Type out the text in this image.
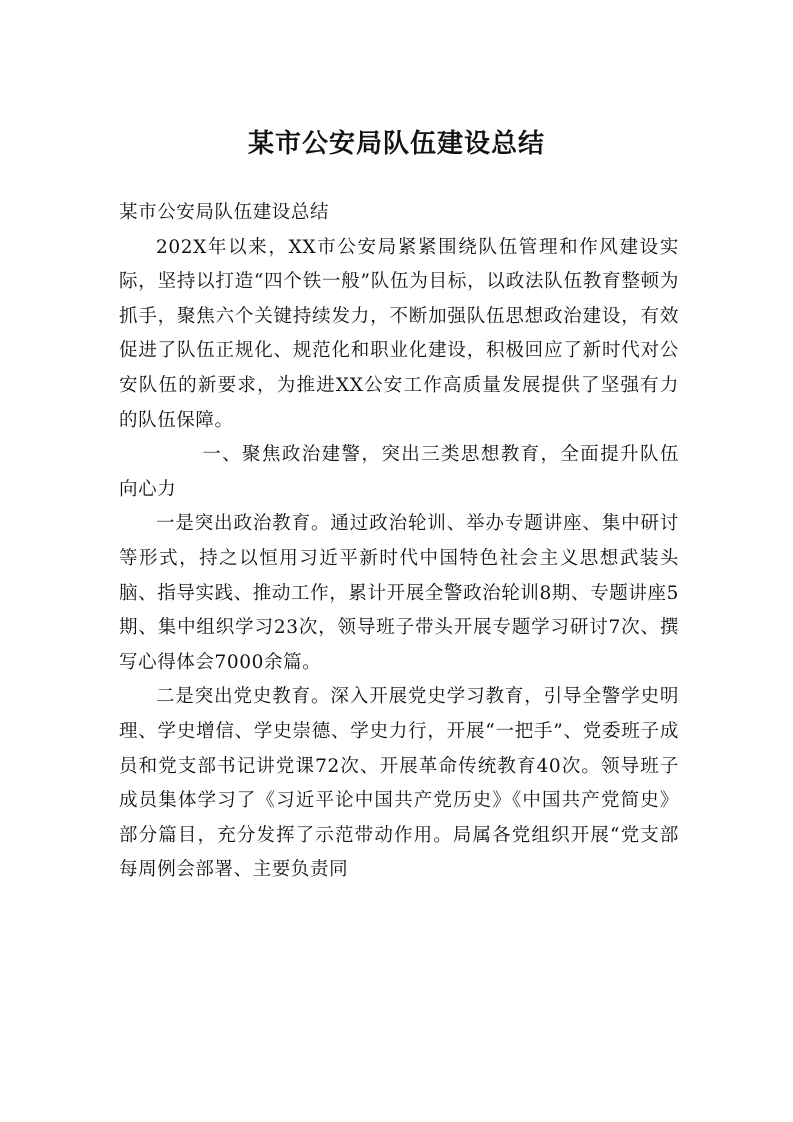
某市公安局队伍建设总结

某市公安局队伍建设总结

202X年以来，XX市公安局紧紧围绕队伍管理和作风建设实际，坚持以打造“四个铁一般”队伍为目标，以政法队伍教育整顿为抓手，聚焦六个关键持续发力，不断加强队伍思想政治建设，有效促进了队伍正规化、规范化和职业化建设，积极回应了新时代对公安队伍的新要求，为推进XX公安工作高质量发展提供了坚强有力的队伍保障。

一、聚焦政治建警，突出三类思想教育，全面提升队伍向心力

一是突出政治教育。通过政治轮训、举办专题讲座、集中研讨等形式，持之以恒用习近平新时代中国特色社会主义思想武装头脑、指导实践、推动工作，累计开展全警政治轮训8期、专题讲座5期、集中组织学习23次，领导班子带头开展专题学习研讨7次、撰写心得体会7000余篇。

二是突出党史教育。深入开展党史学习教育，引导全警学史明理、学史增信、学史崇德、学史力行，开展“一把手”、党委班子成员和党支部书记讲党课72次、开展革命传统教育40次。领导班子成员集体学习了《习近平论中国共产党历史》《中国共产党简史》部分篇目，充分发挥了示范带动作用。局属各党组织开展“党支部每周例会部署、主要负责同
